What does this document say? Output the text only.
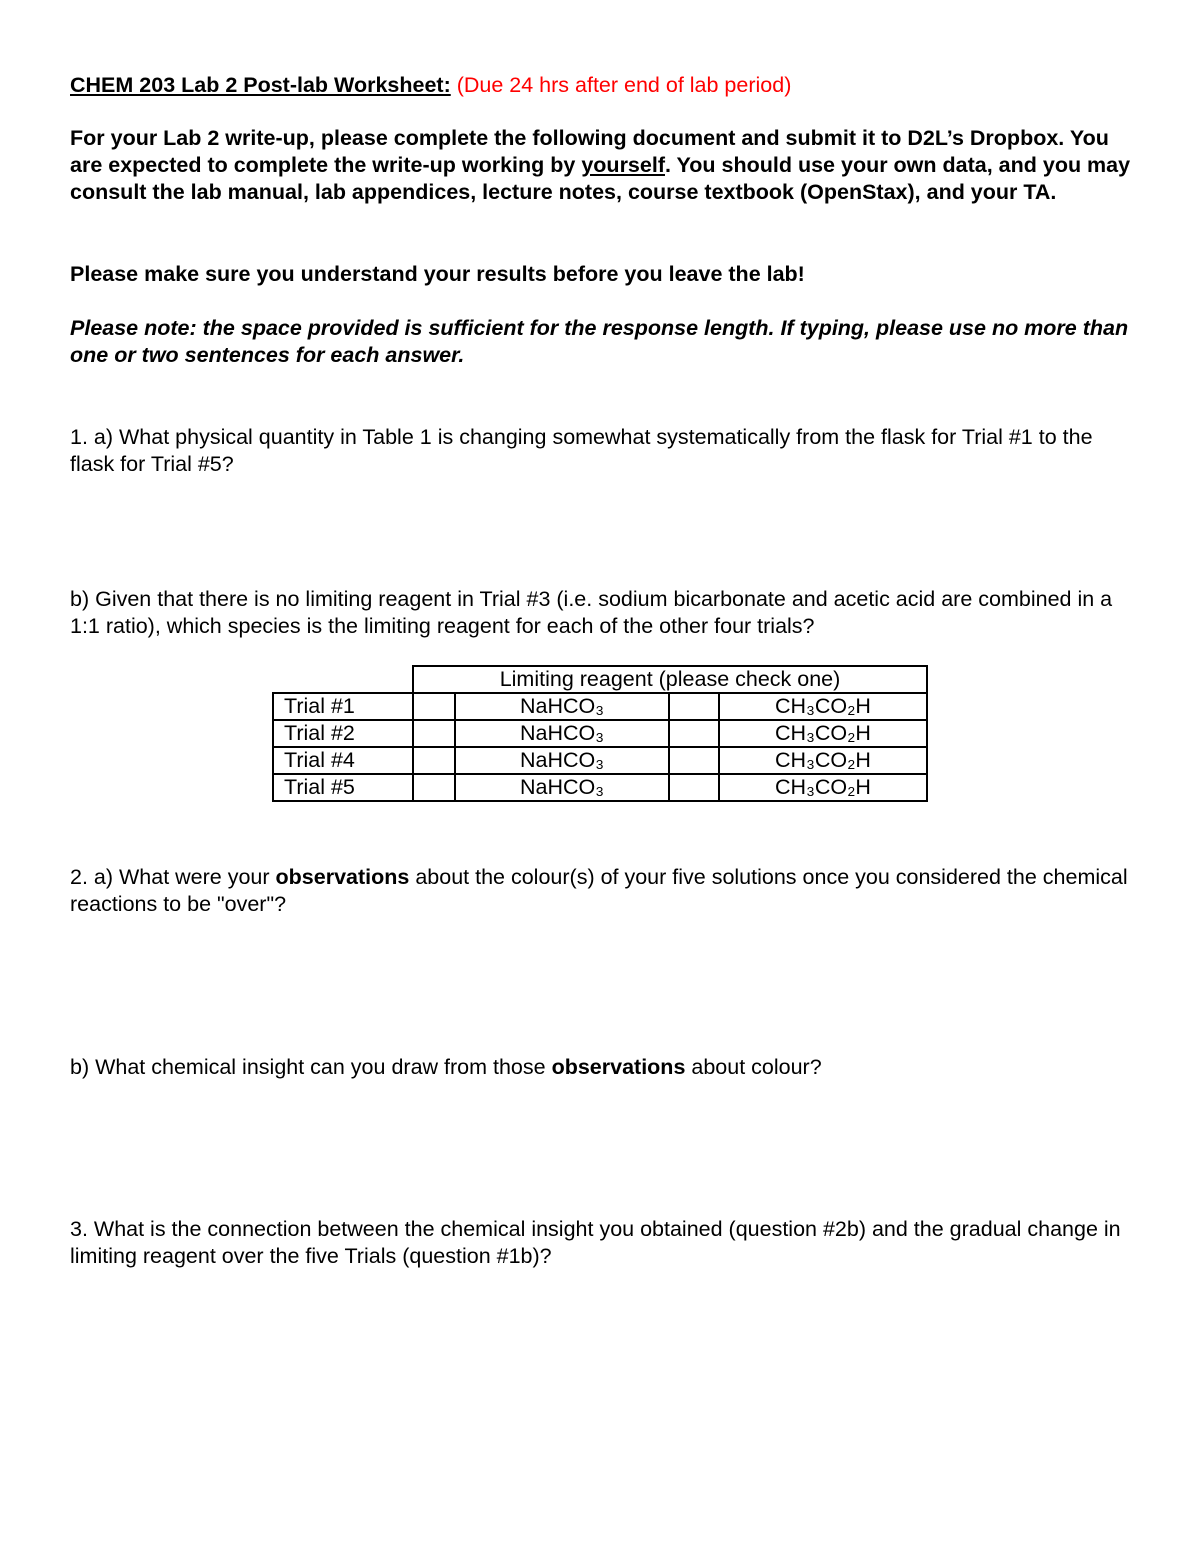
CHEM 203 Lab 2 Post-lab Worksheet: (Due 24 hrs after end of lab period)

For your Lab 2 write-up, please complete the following document and submit it to D2L’s Dropbox. You are expected to complete the write-up working by yourself. You should use your own data, and you may consult the lab manual, lab appendices, lecture notes, course textbook (OpenStax), and your TA.

Please make sure you understand your results before you leave the lab!

Please note: the space provided is sufficient for the response length. If typing, please use no more than one or two sentences for each answer.

1. a) What physical quantity in Table 1 is changing somewhat systematically from the flask for Trial #1 to the flask for Trial #5?

b) Given that there is no limiting reagent in Trial #3 (i.e. sodium bicarbonate and acetic acid are combined in a 1:1 ratio), which species is the limiting reagent for each of the other four trials?

	Limiting reagent (please check one)			
Trial #1		NaHCO₃		CH₃CO₂H
Trial #2		NaHCO₃		CH₃CO₂H
Trial #4		NaHCO₃		CH₃CO₂H
Trial #5		NaHCO₃		CH₃CO₂H

2. a) What were your observations about the colour(s) of your five solutions once you considered the chemical reactions to be "over"?

b) What chemical insight can you draw from those observations about colour?

3. What is the connection between the chemical insight you obtained (question #2b) and the gradual change in limiting reagent over the five Trials (question #1b)?
